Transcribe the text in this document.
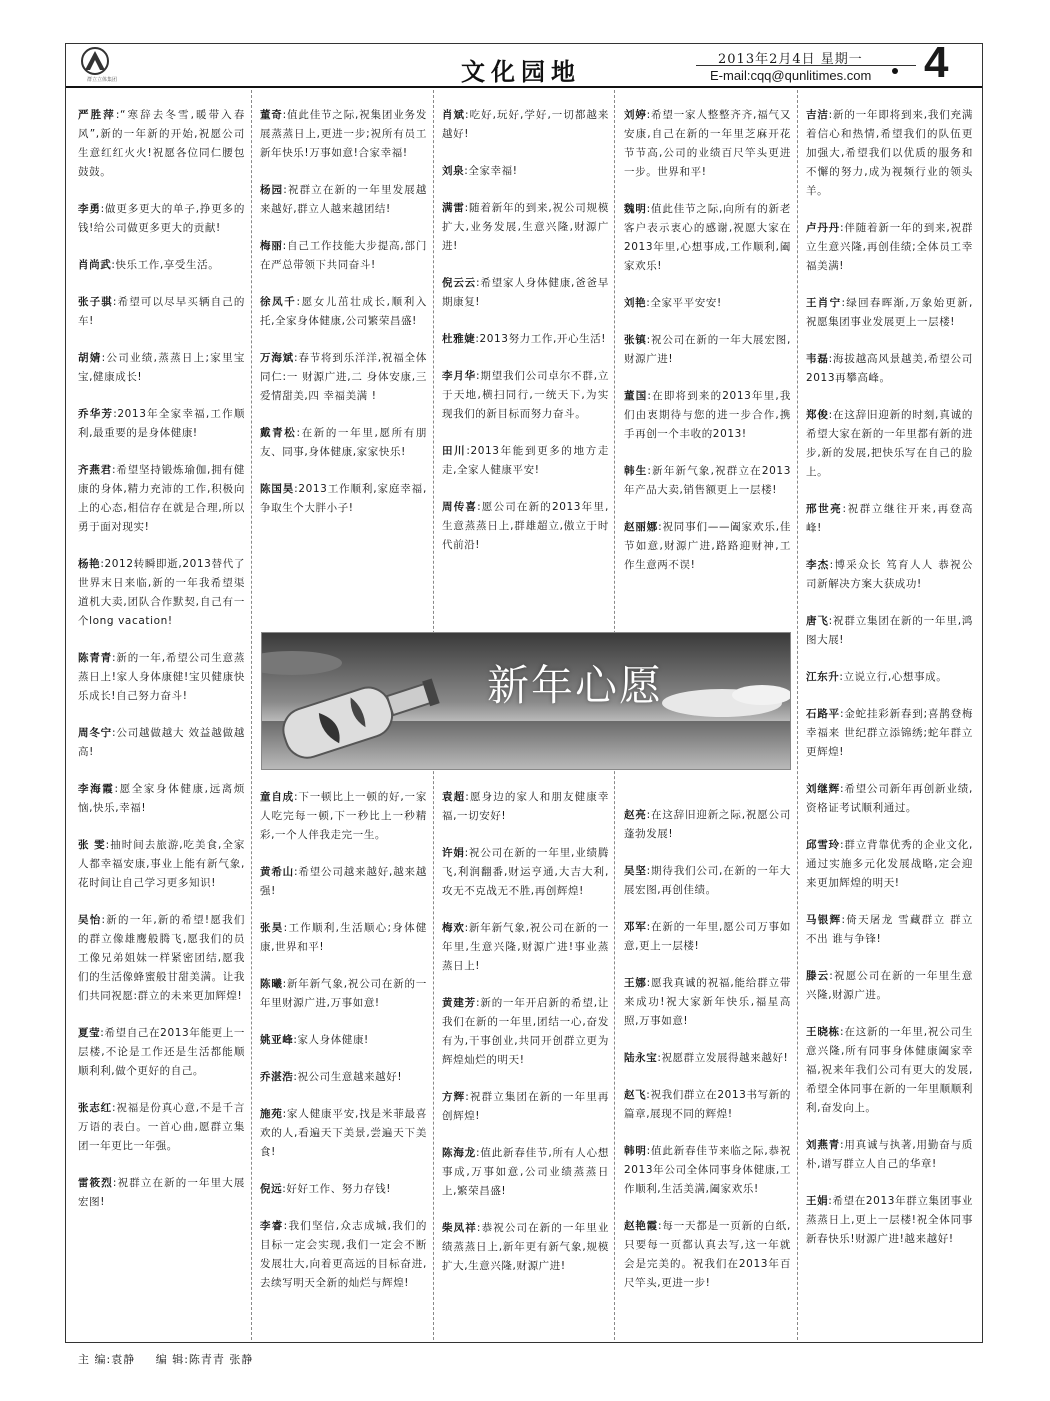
群立立体集团	文化园地	2013年2月4日 星期一
E-mail:cqq@qunlitimes.com 4

严胜萍:“寒辞去冬雪,暖带入春风”,新的一年新的开始,祝愿公司生意红红火火!祝愿各位同仁腰包鼓鼓。

李勇:做更多更大的单子,挣更多的钱!给公司做更多更大的贡献!

肖尚武:快乐工作,享受生活。

张子骐:希望可以尽早买辆自己的车!

胡婧:公司业绩,蒸蒸日上;家里宝宝,健康成长!

乔华芳:2013年全家幸福,工作顺利,最重要的是身体健康!

齐燕君:希望坚持锻炼瑜伽,拥有健康的身体,精力充沛的工作,积极向上的心态,相信存在就是合理,所以勇于面对现实!

杨艳:2012转瞬即逝,2013替代了世界末日来临,新的一年我希望渠道机大卖,团队合作默契,自己有一个long vacation!

陈青青:新的一年,希望公司生意蒸蒸日上!家人身体康健!宝贝健康快乐成长!自己努力奋斗!

周冬宁:公司越做越大 效益越做越高!

李海霞:愿全家身体健康,远离烦恼,快乐,幸福!

张 雯:抽时间去旅游,吃美食,全家人都幸福安康,事业上能有新气象,花时间让自己学习更多知识!

吴怡:新的一年,新的希望!愿我们的群立像雄鹰般腾飞,愿我们的员工像兄弟姐妹一样紧密团结,愿我们的生活像蜂蜜般甘甜美满。让我们共同祝愿:群立的未来更加辉煌!

夏莹:希望自己在2013年能更上一层楼,不论是工作还是生活都能顺顺利利,做个更好的自己。

张志红:祝福是份真心意,不是千言万语的表白。一首心曲,愿群立集团一年更比一年强。

雷筱烈:祝群立在新的一年里大展宏图!

董奇:值此佳节之际,祝集团业务发展蒸蒸日上,更进一步;祝所有员工新年快乐!万事如意!合家幸福!

杨园:祝群立在新的一年里发展越来越好,群立人越来越团结!

梅丽:自己工作技能大步提高,部门在严总带领下共同奋斗!

徐凤千:愿女儿茁壮成长,顺利入托,全家身体健康,公司繁荣昌盛!

万海斌:春节将到乐洋洋,祝福全体同仁:一 财源广进,二 身体安康,三 爱情甜美,四 幸福美满 !

戴青松:在新的一年里,愿所有朋友、同事,身体健康,家家快乐!

陈国昊:2013工作顺利,家庭幸福,争取生个大胖小子!

肖斌:吃好,玩好,学好,一切都越来越好!

刘泉:全家幸福!

满雷:随着新年的到来,祝公司规模扩大,业务发展,生意兴隆,财源广进!

倪云云:希望家人身体健康,爸爸早期康复!

杜雅婕:2013努力工作,开心生活!

李月华:期望我们公司卓尔不群,立于天地,横扫同行,一统天下,为实现我们的新目标而努力奋斗。

田川:2013年能到更多的地方走走,全家人健康平安!

周传喜:愿公司在新的2013年里,生意蒸蒸日上,群雄超立,傲立于时代前沿!

刘婷:希望一家人整整齐齐,福气又安康,自己在新的一年里芝麻开花节节高,公司的业绩百尺竿头更进一步。世界和平!

魏明:值此佳节之际,向所有的新老客户表示衷心的感谢,祝愿大家在2013年里,心想事成,工作顺利,阖家欢乐!

刘艳:全家平平安安!

张镇:祝公司在新的一年大展宏图,财源广进!

董国:在即将到来的2013年里,我们由衷期待与您的进一步合作,携手再创一个丰收的2013!

韩生:新年新气象,祝群立在2013年产品大卖,销售额更上一层楼!

赵丽娜:祝同事们——阖家欢乐,佳节如意,财源广进,路路迎财神,工作生意两不误!

吉洁:新的一年即将到来,我们充满着信心和热情,希望我们的队伍更加强大,希望我们以优质的服务和不懈的努力,成为视频行业的领头羊。

卢丹丹:伴随着新一年的到来,祝群立生意兴隆,再创佳绩;全体员工幸福美满!

王肖宁:绿回春晖渐,万象始更新,祝愿集团事业发展更上一层楼!

韦磊:海拔越高风景越美,希望公司2013再攀高峰。

郑俊:在这辞旧迎新的时刻,真诚的希望大家在新的一年里都有新的进步,新的发展,把快乐写在自己的脸上。

邢世亮:祝群立继往开来,再登高峰!

李杰:博采众长 笃育人人 恭祝公司新解决方案大获成功!

唐飞:祝群立集团在新的一年里,鸿图大展!

江东升:立说立行,心想事成。

石路平:金蛇挂彩新春到;喜鹊登梅幸福来 世纪群立添锦绣;蛇年群立更辉煌!

刘继辉:希望公司新年再创新业绩,资格证考试顺利通过。

邱雪玲:群立背靠优秀的企业文化,通过实施多元化发展战略,定会迎来更加辉煌的明天!

马银辉:倚天屠龙 雪藏群立 群立不出 谁与争锋!

滕云:祝愿公司在新的一年里生意兴隆,财源广进。

王晓栋:在这新的一年里,祝公司生意兴隆,所有同事身体健康阖家幸福,祝来年我们公司有更大的发展,希望全体同事在新的一年里顺顺利利,奋发向上。

刘燕青:用真诚与执著,用勤奋与质朴,谱写群立人自己的华章!

王娟:希望在2013年群立集团事业蒸蒸日上,更上一层楼!祝全体同事新春快乐!财源广进!越来越好!

童自成:下一顿比上一顿的好,一家人吃完每一顿,下一秒比上一秒精彩,一个人伴我走完一生。

黄希山:希望公司越来越好,越来越强!

张昊:工作顺利,生活顺心;身体健康,世界和平!

陈曦:新年新气象,祝公司在新的一年里财源广进,万事如意!

姚亚峰:家人身体健康!

乔湛浩:祝公司生意越来越好!

施苑:家人健康平安,找是米菲最喜欢的人,看遍天下美景,尝遍天下美食!

倪远:好好工作、努力存钱!

李睿:我们坚信,众志成城,我们的目标一定会实现,我们一定会不断发展壮大,向着更高远的目标奋进,去续写明天全新的灿烂与辉煌!

袁超:愿身边的家人和朋友健康幸福,一切安好!

许娟:祝公司在新的一年里,业绩腾飞,利润翻番,财运亨通,大吉大利,攻无不克战无不胜,再创辉煌!

梅欢:新年新气象,祝公司在新的一年里,生意兴隆,财源广进!事业蒸蒸日上!

黄建芳:新的一年开启新的希望,让我们在新的一年里,团结一心,奋发有为,干事创业,共同开创群立更为辉煌灿烂的明天!

方辉:祝群立集团在新的一年里再创辉煌!

陈海龙:值此新春佳节,所有人心想事成,万事如意,公司业绩蒸蒸日上,繁荣昌盛!

柴凤祥:恭祝公司在新的一年里业绩蒸蒸日上,新年更有新气象,规模扩大,生意兴隆,财源广进!

赵亮:在这辞旧迎新之际,祝愿公司蓬勃发展!

吴坚:期待我们公司,在新的一年大展宏图,再创佳绩。

邓军:在新的一年里,愿公司万事如意,更上一层楼!

王娜:愿我真诚的祝福,能给群立带来成功!祝大家新年快乐,福星高照,万事如意!

陆永宝:祝愿群立发展得越来越好!

赵飞:祝我们群立在2013书写新的篇章,展现不同的辉煌!

韩明:值此新春佳节来临之际,恭祝2013年公司全体同事身体健康,工作顺利,生活美满,阖家欢乐!

赵艳霞:每一天都是一页新的白纸,只要每一页都认真去写,这一年就会是完美的。祝我们在2013年百尺竿头,更进一步!

新年心愿
主 编:袁静 编 辑:陈青青 张静
